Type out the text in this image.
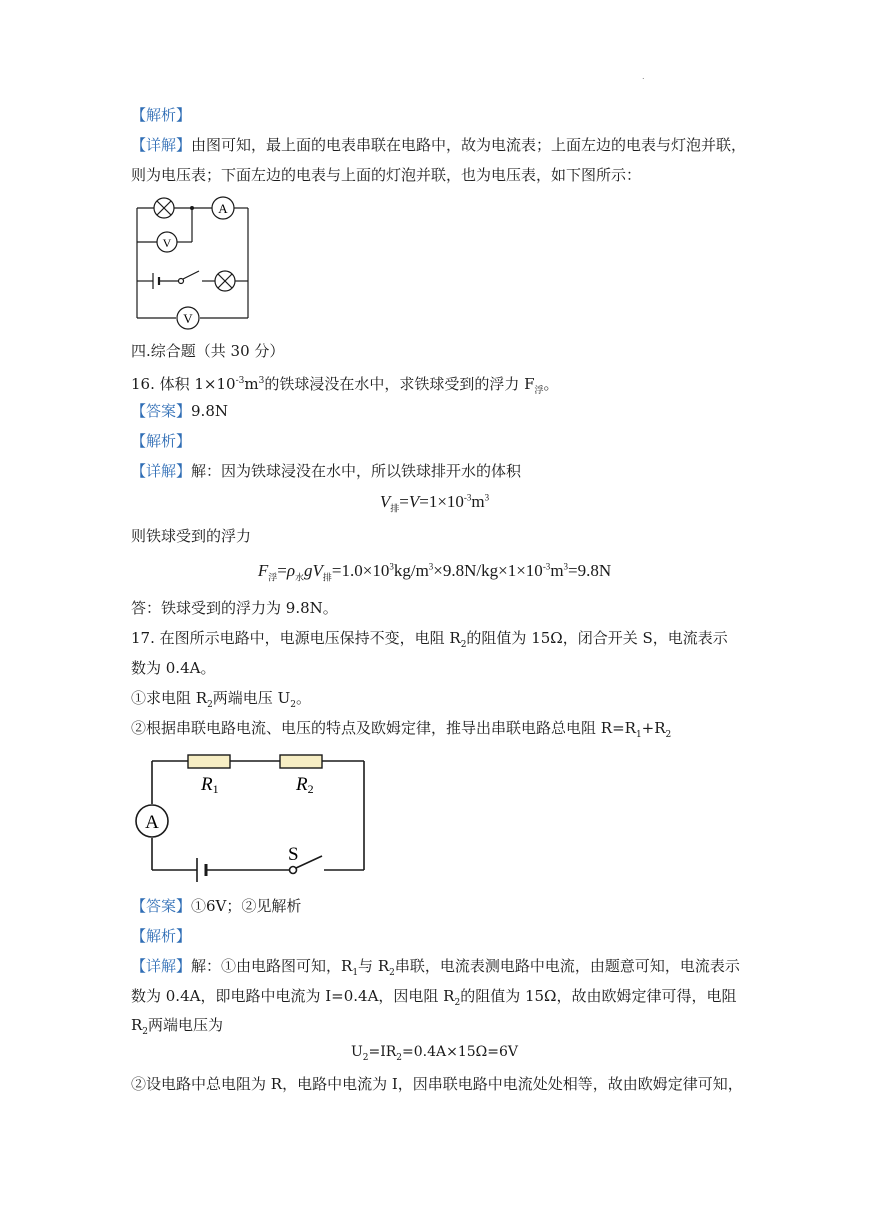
.
【解析】
【详解】由图可知，最上面的电表串联在电路中，故为电流表；上面左边的电表与灯泡并联，
则为电压表；下面左边的电表与上面的灯泡并联，也为电压表，如下图所示：
A
V
V
四.综合题（共 30 分）
16. 体积 $1\times 10^{-3}m^3$的铁球浸没在水中，求铁球受到的浮力 $F_浮$。
【答案】9.8N
【解析】
【详解】解：因为铁球浸没在水中，所以铁球排开水的体积
$V_排=V=1\times 10^{-3}m^3$
则铁球受到的浮力
$F_浮=\rho_水gV_排=1.0\times 10^3kg/m^3\times 9.8N/kg\times 1\times 10^{-3}m^3=9.8N$
答：铁球受到的浮力为 9.8N。
17. 在图所示电路中，电源电压保持不变，电阻 $R_2$的阻值为 15Ω，闭合开关 S，电流表示
数为 0.4A。
①求电阻 $R_2$两端电压 $U_2$。
②根据串联电路电流、电压的特点及欧姆定律，推导出串联电路总电阻 $R=R_1+R_2$
R1	R2
A
S
【答案】①6V；②见解析
【解析】
【详解】解：①由电路图可知，$R_1$与 $R_2$串联，电流表测电路中电流，由题意可知，电流表示
数为 0.4A，即电路中电流为 I=0.4A，因电阻 $R_2$的阻值为 15Ω，故由欧姆定律可得，电阻
$R_2$两端电压为
$U_2=IR_2=0.4A\times 15\Omega=6V$
②设电路中总电阻为 R，电路中电流为 I，因串联电路中电流处处相等，故由欧姆定律可知，
